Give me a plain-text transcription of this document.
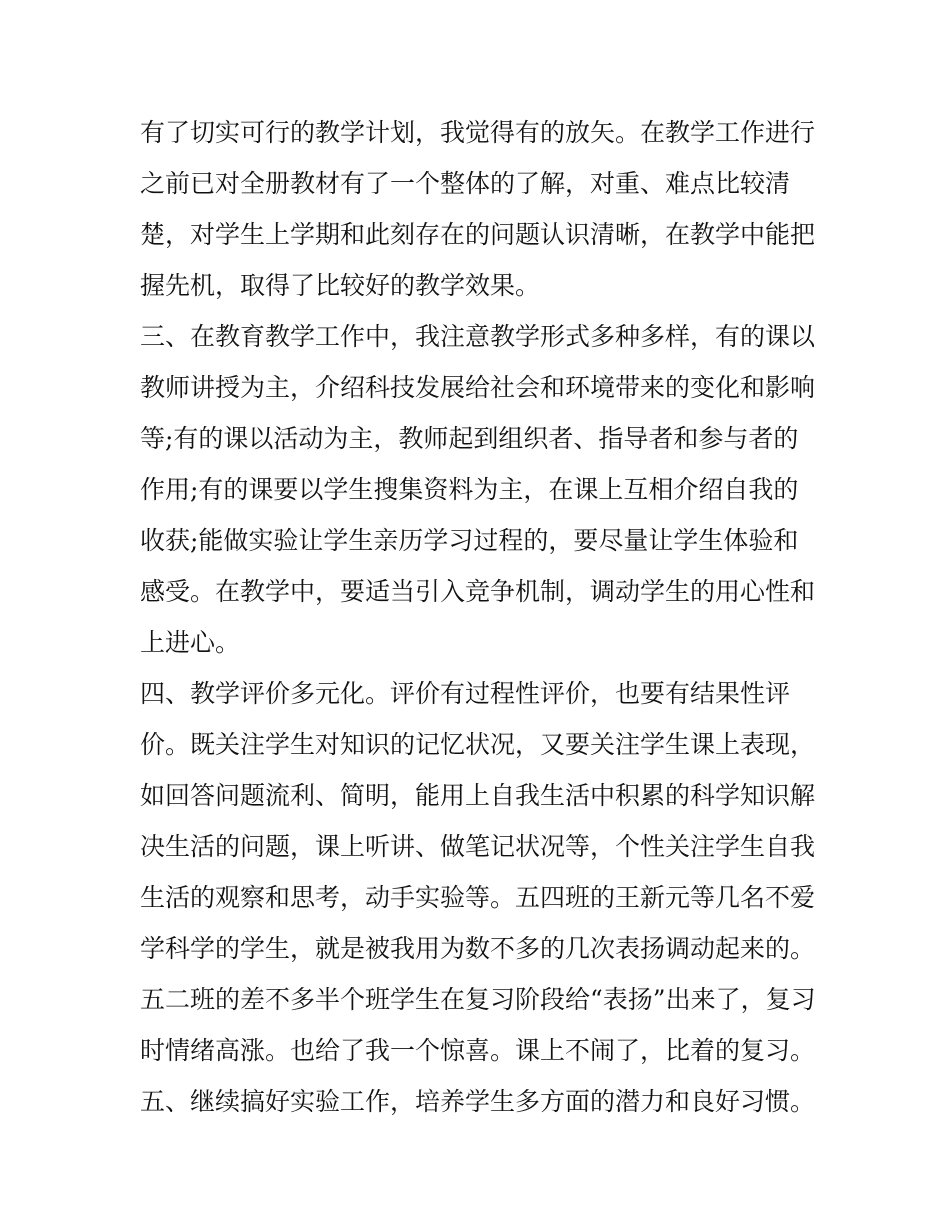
有了切实可行的教学计划，我觉得有的放矢。在教学工作进行
之前已对全册教材有了一个整体的了解，对重、难点比较清
楚，对学生上学期和此刻存在的问题认识清晰，在教学中能把
握先机，取得了比较好的教学效果。
三、在教育教学工作中，我注意教学形式多种多样，有的课以
教师讲授为主，介绍科技发展给社会和环境带来的变化和影响
等;有的课以活动为主，教师起到组织者、指导者和参与者的
作用;有的课要以学生搜集资料为主，在课上互相介绍自我的
收获;能做实验让学生亲历学习过程的，要尽量让学生体验和
感受。在教学中，要适当引入竞争机制，调动学生的用心性和
上进心。
四、教学评价多元化。评价有过程性评价，也要有结果性评
价。既关注学生对知识的记忆状况，又要关注学生课上表现，
如回答问题流利、简明，能用上自我生活中积累的科学知识解
决生活的问题，课上听讲、做笔记状况等，个性关注学生自我
生活的观察和思考，动手实验等。五四班的王新元等几名不爱
学科学的学生，就是被我用为数不多的几次表扬调动起来的。
五二班的差不多半个班学生在复习阶段给“表扬”出来了，复习
时情绪高涨。也给了我一个惊喜。课上不闹了，比着的复习。
五、继续搞好实验工作，培养学生多方面的潜力和良好习惯。
